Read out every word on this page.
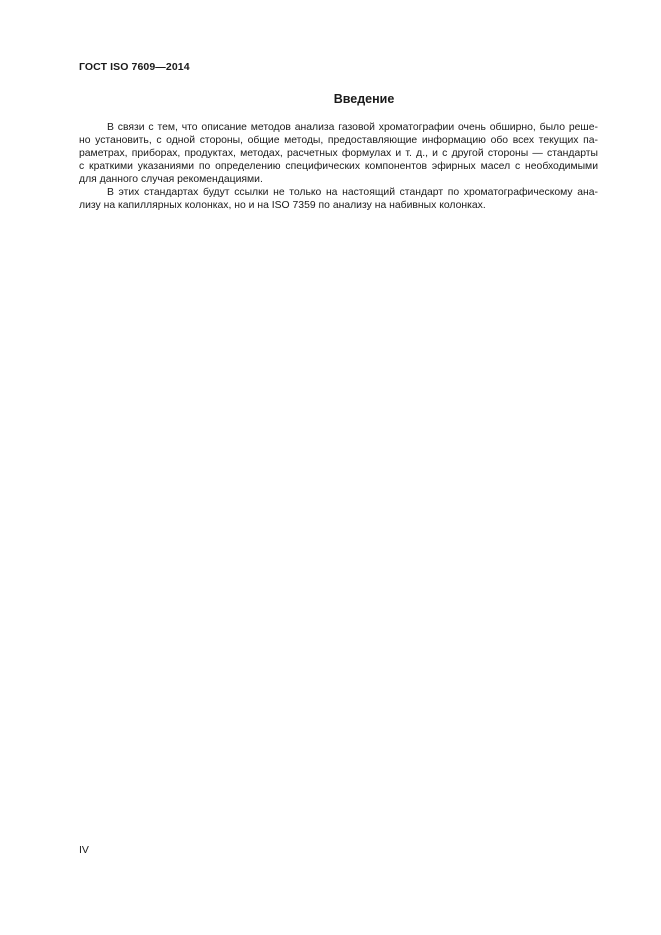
ГОСТ ISO 7609—2014
Введение

В связи с тем, что описание методов анализа газовой хроматографии очень обширно, было реше-
но установить, с одной стороны, общие методы, предоставляющие информацию обо всех текущих па-
раметрах, приборах, продуктах, методах, расчетных формулах и т. д., и с другой стороны — стандарты
с краткими указаниями по определению специфических компонентов эфирных масел с необходимыми
для данного случая рекомендациями.

В этих стандартах будут ссылки не только на настоящий стандарт по хроматографическому ана-
лизу на капиллярных колонках, но и на ISO 7359 по анализу на набивных колонках.

IV
